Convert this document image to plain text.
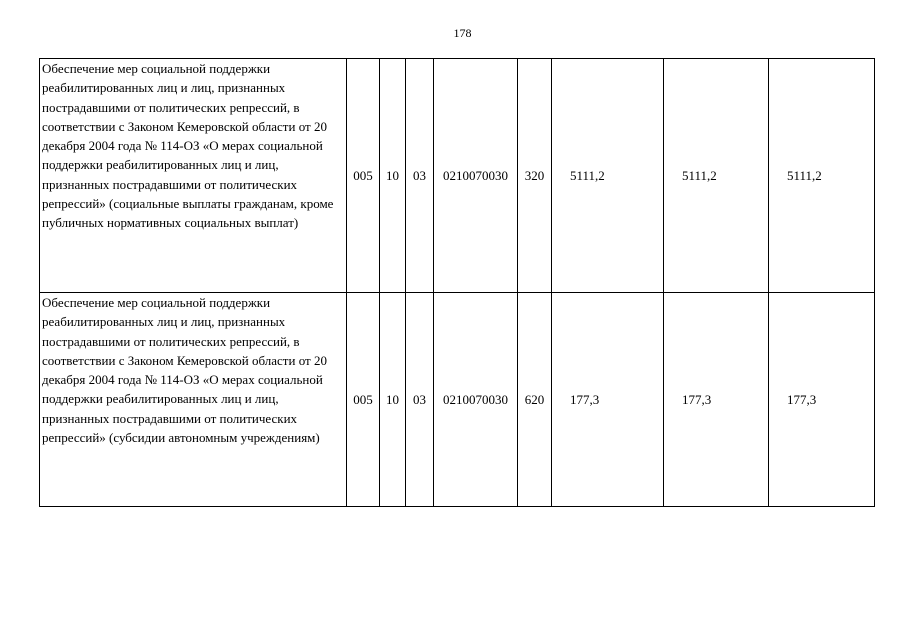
178
Обеспечение мер социальной поддержки реабилитированных лиц и лиц, признанных пострадавшими от политических репрессий, в соответствии с Законом Кемеровской области от 20 декабря 2004 года № 114-ОЗ «О мерах социальной поддержки реабилитированных лиц и лиц, признанных пострадавшими от политических репрессий» (социальные выплаты гражданам, кроме публичных нормативных социальных выплат)	005	10	03	0210070030	320	5111,2	5111,2	5111,2
Обеспечение мер социальной поддержки реабилитированных лиц и лиц, признанных пострадавшими от политических репрессий, в соответствии с Законом Кемеровской области от 20 декабря 2004 года № 114-ОЗ «О мерах социальной поддержки реабилитированных лиц и лиц, признанных пострадавшими от политических репрессий» (субсидии автономным учреждениям)	005	10	03	0210070030	620	177,3	177,3	177,3
